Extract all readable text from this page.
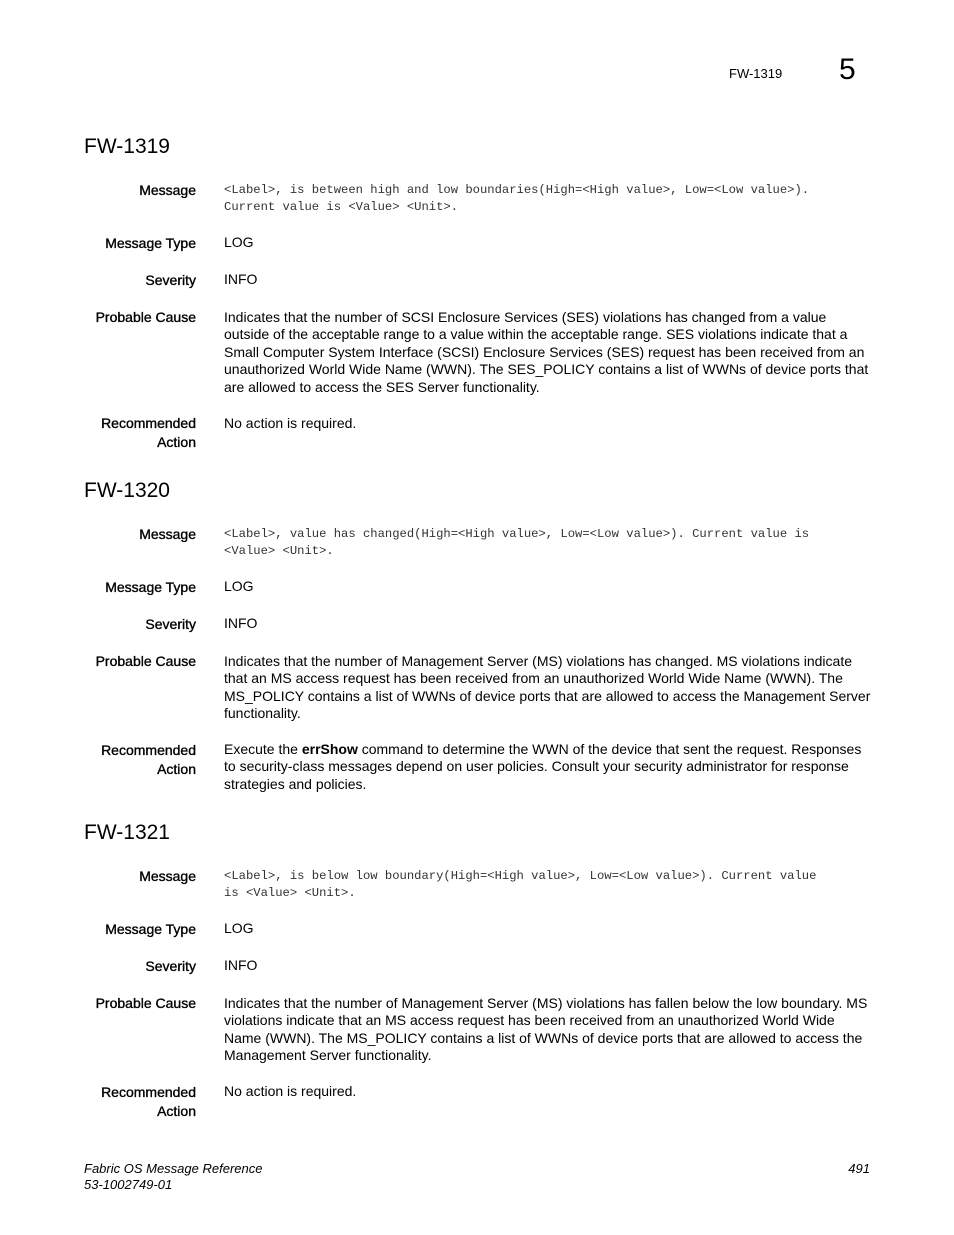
FW-1319 5
FW-1319
Message <Label>, is between high and low boundaries(High=<High value>, Low=<Low value>).
Current value is <Value> <Unit>.
Message Type LOG
Severity INFO
Probable Cause Indicates that the number of SCSI Enclosure Services (SES) violations has changed from a value outside of the acceptable range to a value within the acceptable range. SES violations indicate that a Small Computer System Interface (SCSI) Enclosure Services (SES) request has been received from an unauthorized World Wide Name (WWN). The SES_POLICY contains a list of WWNs of device ports that are allowed to access the SES Server functionality.
Recommended
Action
No action is required.
FW-1320
Message <Label>, value has changed(High=<High value>, Low=<Low value>). Current value is
<Value> <Unit>.
Message Type LOG
Severity INFO
Probable Cause Indicates that the number of Management Server (MS) violations has changed. MS violations indicate that an MS access request has been received from an unauthorized World Wide Name (WWN). The MS_POLICY contains a list of WWNs of device ports that are allowed to access the Management Server functionality.
Recommended
Action
Execute the errShow command to determine the WWN of the device that sent the request. Responses to security-class messages depend on user policies. Consult your security administrator for response strategies and policies.
FW-1321
Message <Label>, is below low boundary(High=<High value>, Low=<Low value>). Current value
is <Value> <Unit>.
Message Type LOG
Severity INFO
Probable Cause Indicates that the number of Management Server (MS) violations has fallen below the low boundary. MS violations indicate that an MS access request has been received from an unauthorized World Wide Name (WWN). The MS_POLICY contains a list of WWNs of device ports that are allowed to access the Management Server functionality.
Recommended
Action
No action is required.
Fabric OS Message Reference
53-1002749-01
491
